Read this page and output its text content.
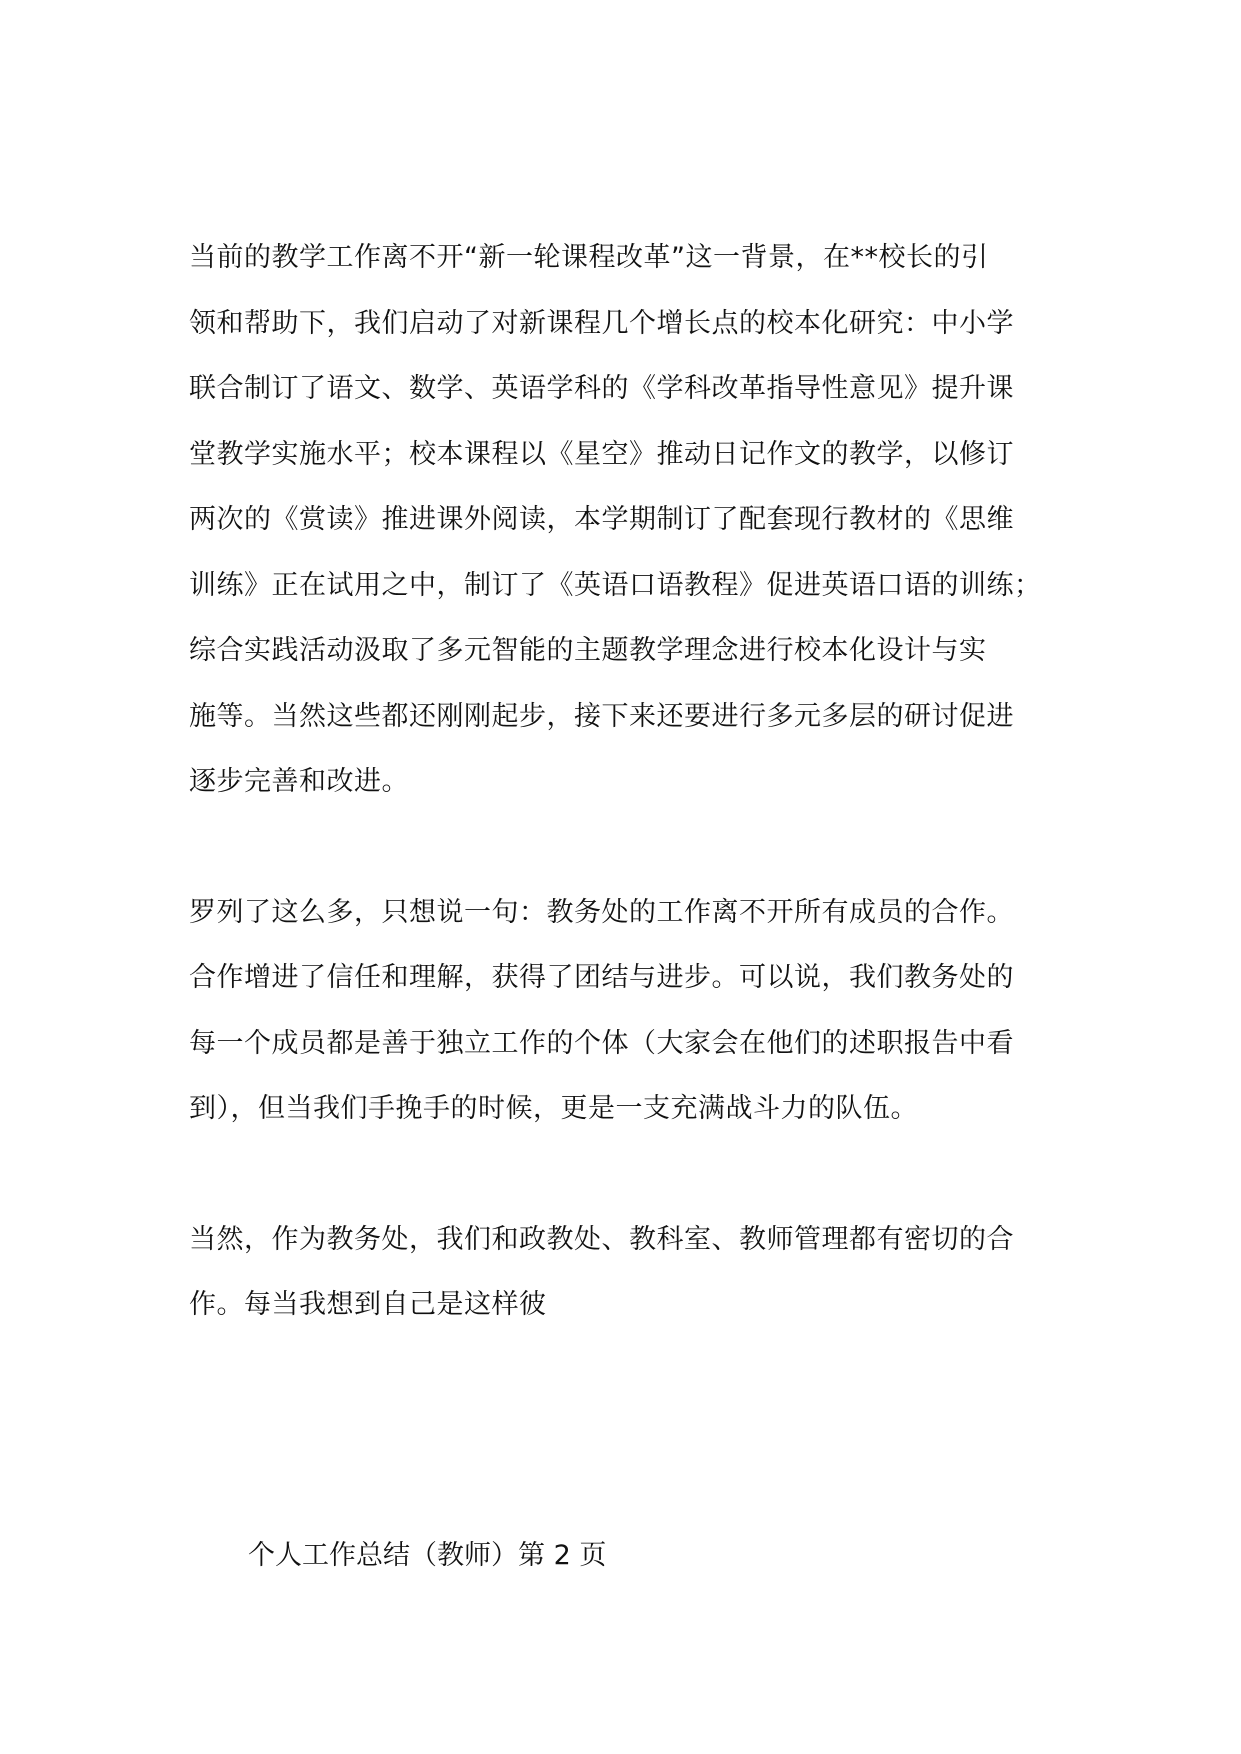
当前的教学工作离不开“新一轮课程改革”这一背景，在**校长的引
领和帮助下，我们启动了对新课程几个增长点的校本化研究：中小学
联合制订了语文、数学、英语学科的《学科改革指导性意见》提升课
堂教学实施水平；校本课程以《星空》推动日记作文的教学，以修订
两次的《赏读》推进课外阅读，本学期制订了配套现行教材的《思维
训练》正在试用之中，制订了《英语口语教程》促进英语口语的训练；
综合实践活动汲取了多元智能的主题教学理念进行校本化设计与实
施等。当然这些都还刚刚起步，接下来还要进行多元多层的研讨促进
逐步完善和改进。
罗列了这么多，只想说一句：教务处的工作离不开所有成员的合作。
合作增进了信任和理解，获得了团结与进步。可以说，我们教务处的
每一个成员都是善于独立工作的个体（大家会在他们的述职报告中看
到），但当我们手挽手的时候，更是一支充满战斗力的队伍。
当然，作为教务处，我们和政教处、教科室、教师管理都有密切的合
作。每当我想到自己是这样彼
个人工作总结（教师）第 2 页
